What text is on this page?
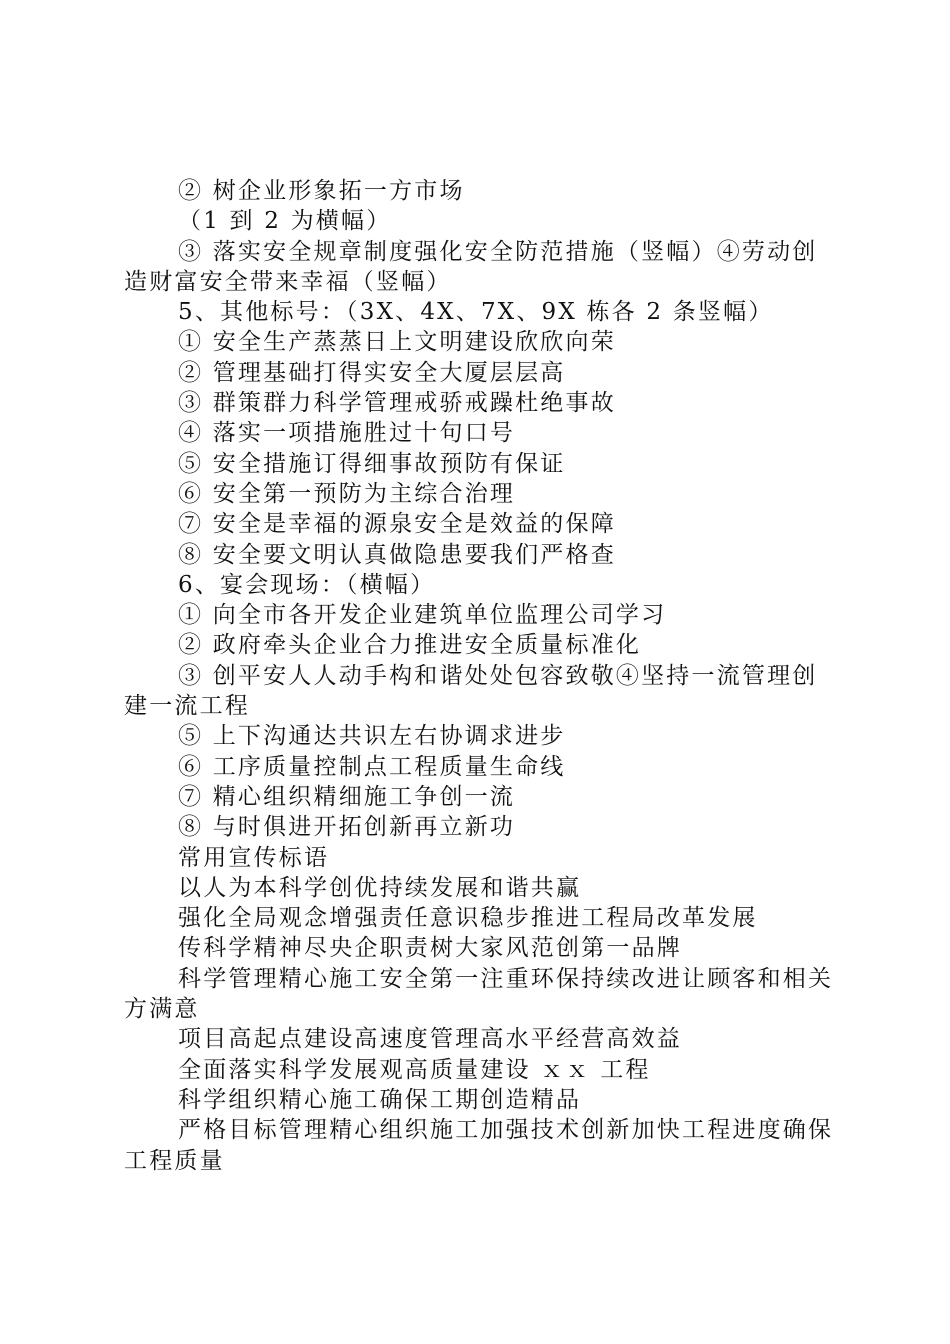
② 树企业形象拓一方市场

（1 到 2 为横幅）

③ 落实安全规章制度强化安全防范措施（竖幅）④劳动创造财富安全带来幸福（竖幅）

5、其他标号：（3X、4X、7X、9X 栋各 2 条竖幅）

① 安全生产蒸蒸日上文明建设欣欣向荣

② 管理基础打得实安全大厦层层高

③ 群策群力科学管理戒骄戒躁杜绝事故

④ 落实一项措施胜过十句口号

⑤ 安全措施订得细事故预防有保证

⑥ 安全第一预防为主综合治理

⑦ 安全是幸福的源泉安全是效益的保障

⑧ 安全要文明认真做隐患要我们严格查

6、宴会现场：（横幅）

① 向全市各开发企业建筑单位监理公司学习

② 政府牵头企业合力推进安全质量标准化

③ 创平安人人动手构和谐处处包容致敬④坚持一流管理创建一流工程

⑤ 上下沟通达共识左右协调求进步

⑥ 工序质量控制点工程质量生命线

⑦ 精心组织精细施工争创一流

⑧ 与时俱进开拓创新再立新功

常用宣传标语

以人为本科学创优持续发展和谐共赢

强化全局观念增强责任意识稳步推进工程局改革发展

传科学精神尽央企职责树大家风范创第一品牌

科学管理精心施工安全第一注重环保持续改进让顾客和相关方满意

项目高起点建设高速度管理高水平经营高效益

全面落实科学发展观高质量建设 ｘｘ 工程

科学组织精心施工确保工期创造精品

严格目标管理精心组织施工加强技术创新加快工程进度确保工程质量
